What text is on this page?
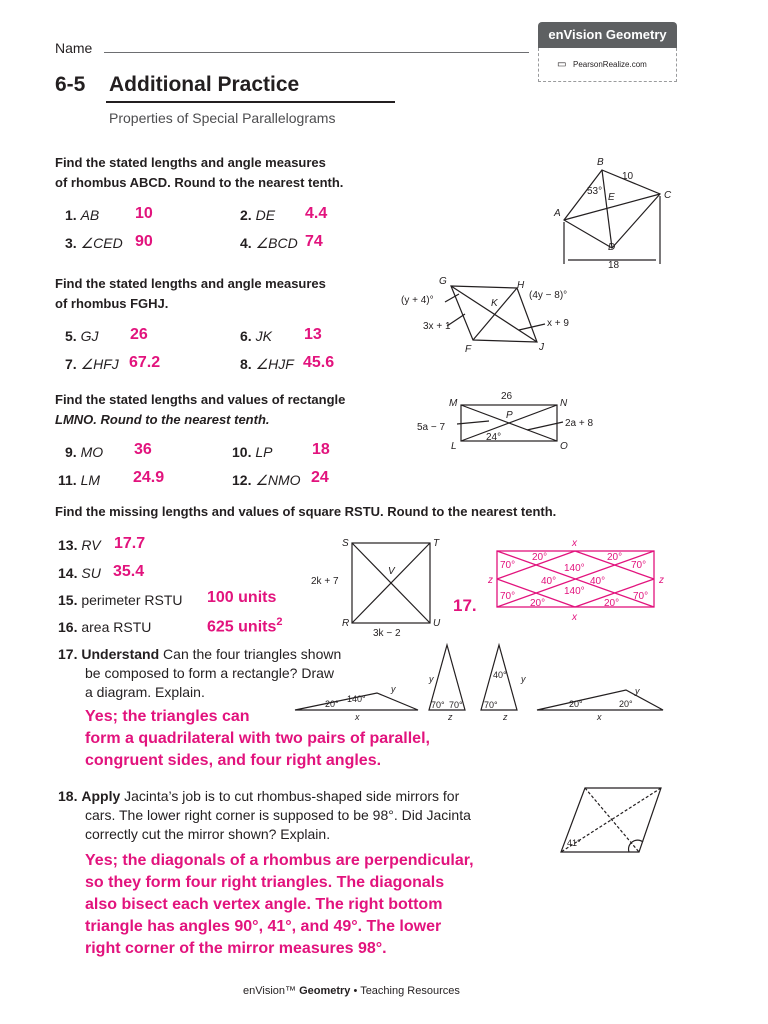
Name
enVision Geometry
▭ PearsonRealize.com
6-5 Additional Practice
Properties of Special Parallelograms
Find the stated lengths and angle measures
of rhombus ABCD. Round to the nearest tenth.
1. AB 10	2. DE 4.4
3. ∠CED 90	4. ∠BCD 74
B
A
C
D
E
10
53°
18
Find the stated lengths and angle measures
of rhombus FGHJ.
5. GJ 26	6. JK 13
7. ∠HFJ 67.2	8. ∠HJF 45.6
G	H
K
F	J
(y + 4)°	(4y − 8)°
3x + 1	x + 9
Find the stated lengths and values of rectangle
LMNO. Round to the nearest tenth.
9. MO 36	10. LP 18
11. LM 24.9	12. ∠NMO 24
M	N
L	O
P
26
5a − 7	2a + 8
24°
Find the missing lengths and values of square RSTU. Round to the nearest tenth.
13. RV 17.7
14. SU 35.4
15. perimeter RSTU 100 units
16. area RSTU	625 units$^2$
S	T
R	U
V
2k + 7
3k − 2
17.
x
x
z	z
70°
20°	20°
70°
140°
40°	40°
140°
70°
20°	20°
70°
17. Understand Can the four triangles shown
be composed to form a rectangle? Draw
a diagram. Explain.
20° 140°
x
y
70° 70°
y
z
40° y
70°
z
20°	20°
y
x
Yes; the triangles can
form a quadrilateral with two pairs of parallel,
congruent sides, and four right angles.
18. Apply Jacinta’s job is to cut rhombus-shaped side mirrors for
cars. The lower right corner is supposed to be 98°. Did Jacinta
correctly cut the mirror shown? Explain.
41°
Yes; the diagonals of a rhombus are perpendicular,
so they form four right triangles. The diagonals
also bisect each vertex angle. The right bottom
triangle has angles 90°, 41°, and 49°. The lower
right corner of the mirror measures 98°.
enVision™ Geometry • Teaching Resources
